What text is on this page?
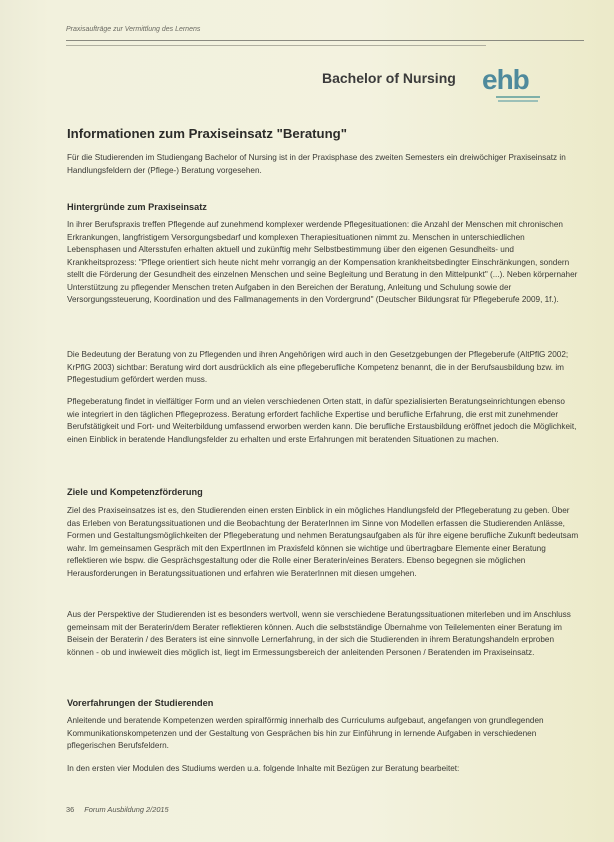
Praxisaufträge zur Vermittlung des Lernens
Bachelor of Nursing ehb
Informationen zum Praxiseinsatz "Beratung"

Für die Studierenden im Studiengang Bachelor of Nursing ist in der Praxisphase des zweiten Semesters ein dreiwöchiger Praxiseinsatz in Handlungsfeldern der (Pflege-) Beratung vorgesehen.

Hintergründe zum Praxiseinsatz

In ihrer Berufspraxis treffen Pflegende auf zunehmend komplexer werdende Pflegesituationen: die Anzahl der Menschen mit chronischen Erkrankungen, langfristigem Versorgungsbedarf und komplexen Therapiesituationen nimmt zu. Menschen in unterschiedlichen Lebensphasen und Altersstufen erhalten aktuell und zukünftig mehr Selbstbestimmung über den eigenen Gesundheits- und Krankheitsprozess: "Pflege orientiert sich heute nicht mehr vorrangig an der Kompensation krankheitsbedingter Einschränkungen, sondern stellt die Förderung der Gesundheit des einzelnen Menschen und seine Begleitung und Beratung in den Mittelpunkt" (...). Neben körpernaher Unterstützung zu pflegender Menschen treten Aufgaben in den Bereichen der Beratung, Anleitung und Schulung sowie der Versorgungssteuerung, Koordination und des Fallmanagements in den Vordergrund" (Deutscher Bildungsrat für Pflegeberufe 2009, 1f.).

Die Bedeutung der Beratung von zu Pflegenden und ihren Angehörigen wird auch in den Gesetzgebungen der Pflegeberufe (AltPflG 2002; KrPflG 2003) sichtbar: Beratung wird dort ausdrücklich als eine pflegeberufliche Kompetenz benannt, die in der Berufsausbildung bzw. im Pflegestudium gefördert werden muss.

Pflegeberatung findet in vielfältiger Form und an vielen verschiedenen Orten statt, in dafür spezialisierten Beratungseinrichtungen ebenso wie integriert in den täglichen Pflegeprozess. Beratung erfordert fachliche Expertise und berufliche Erfahrung, die erst mit zunehmender Berufstätigkeit und Fort- und Weiterbildung umfassend erworben werden kann. Die berufliche Erstausbildung eröffnet jedoch die Möglichkeit, einen Einblick in beratende Handlungsfelder zu erhalten und erste Erfahrungen mit beratenden Situationen zu machen.

Ziele und Kompetenzförderung

Ziel des Praxiseinsatzes ist es, den Studierenden einen ersten Einblick in ein mögliches Handlungsfeld der Pflegeberatung zu geben. Über das Erleben von Beratungssituationen und die Beobachtung der BeraterInnen im Sinne von Modellen erfassen die Studierenden Anlässe, Formen und Gestaltungsmöglichkeiten der Pflegeberatung und nehmen Beratungsaufgaben als für ihre eigene berufliche Zukunft bedeutsam wahr. Im gemeinsamen Gespräch mit den ExpertInnen im Praxisfeld können sie wichtige und übertragbare Elemente einer Beratung reflektieren wie bspw. die Gesprächsgestaltung oder die Rolle einer Beraterin/eines Beraters. Ebenso begegnen sie möglichen Herausforderungen in Beratungssituationen und erfahren wie BeraterInnen mit diesen umgehen.

Aus der Perspektive der Studierenden ist es besonders wertvoll, wenn sie verschiedene Beratungssituationen miterleben und im Anschluss gemeinsam mit der Beraterin/dem Berater reflektieren können. Auch die selbstständige Übernahme von Teilelementen einer Beratung im Beisein der Beraterin / des Beraters ist eine sinnvolle Lernerfahrung, in der sich die Studierenden in ihrem Beratungshandeln erproben können - ob und inwieweit dies möglich ist, liegt im Ermessungsbereich der anleitenden Personen / Beratenden im Praxiseinsatz.

Vorerfahrungen der Studierenden

Anleitende und beratende Kompetenzen werden spiralförmig innerhalb des Curriculums aufgebaut, angefangen von grundlegenden Kommunikationskompetenzen und der Gestaltung von Gesprächen bis hin zur Einführung in lernende Aufgaben in verschiedenen pflegerischen Berufsfeldern.

In den ersten vier Modulen des Studiums werden u.a. folgende Inhalte mit Bezügen zur Beratung bearbeitet:

36 Forum Ausbildung 2/2015
